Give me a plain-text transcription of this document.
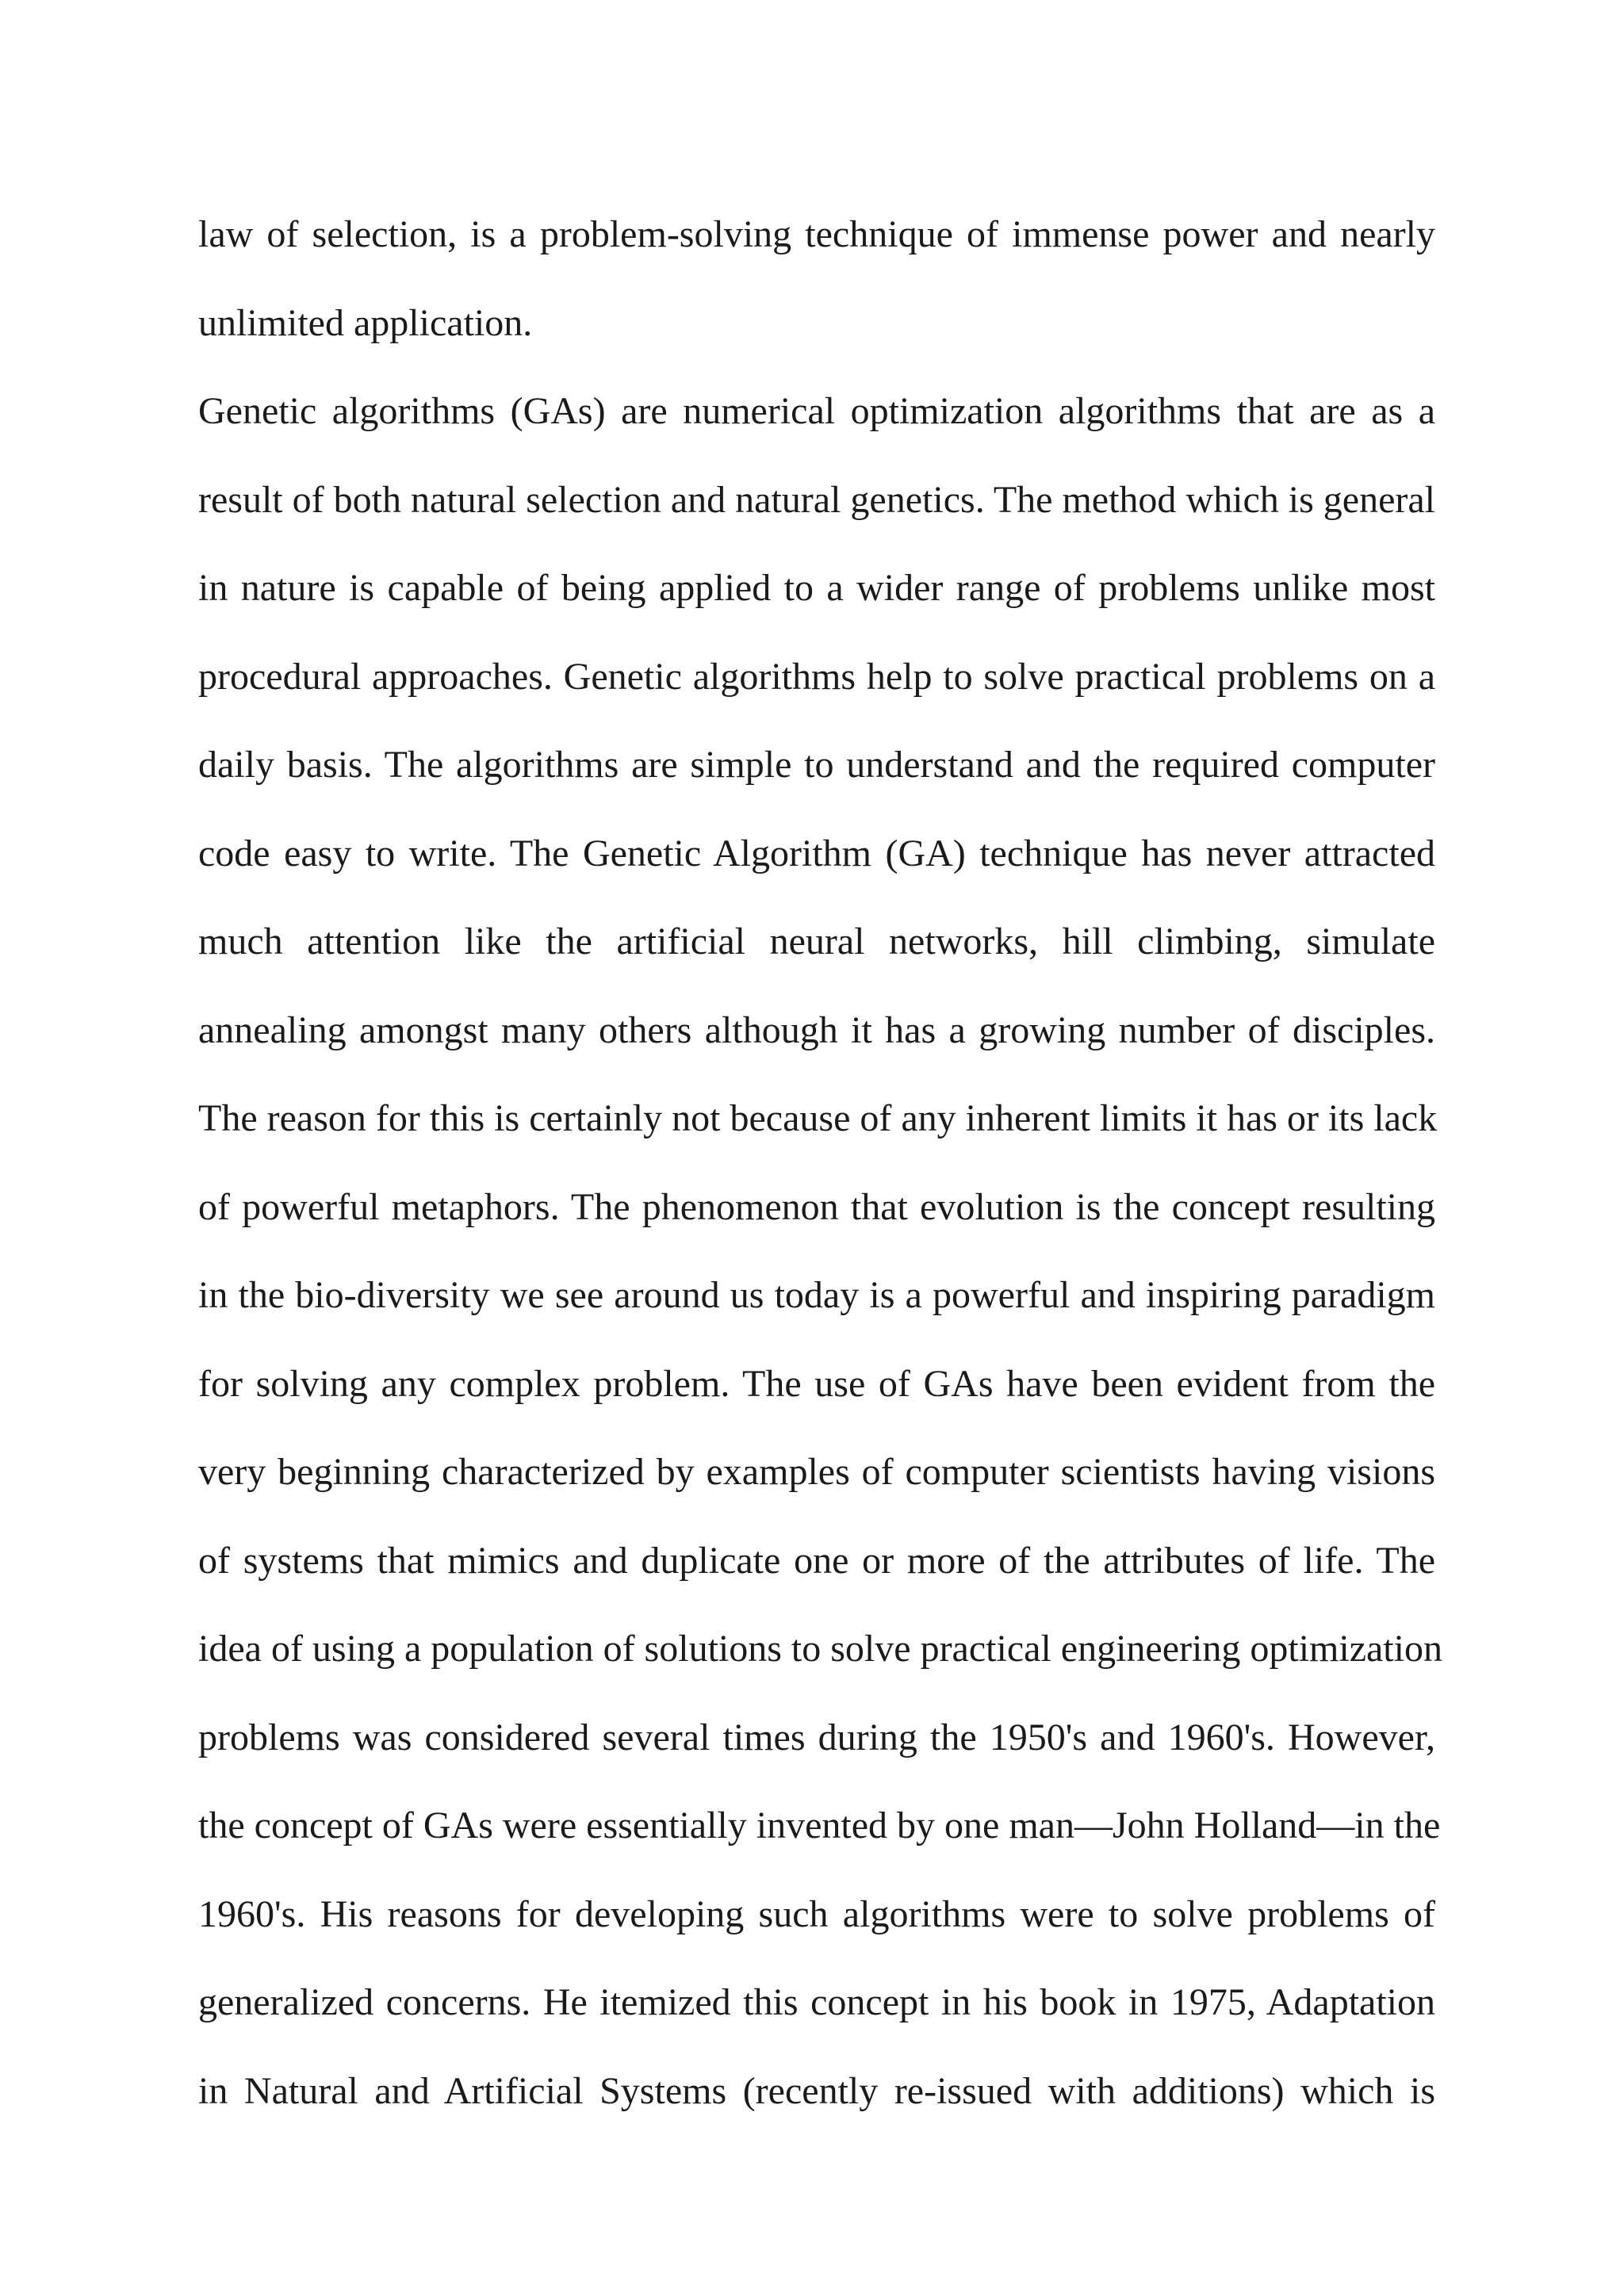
law of selection, is a problem-solving technique of immense power and nearly
unlimited application.
Genetic algorithms (GAs) are numerical optimization algorithms that are as a
result of both natural selection and natural genetics. The method which is general
in nature is capable of being applied to a wider range of problems unlike most
procedural approaches. Genetic algorithms help to solve practical problems on a
daily basis. The algorithms are simple to understand and the required computer
code easy to write. The Genetic Algorithm (GA) technique has never attracted
much attention like the artificial neural networks, hill climbing, simulate
annealing amongst many others although it has a growing number of disciples.
The reason for this is certainly not because of any inherent limits it has or its lack
of powerful metaphors. The phenomenon that evolution is the concept resulting
in the bio-diversity we see around us today is a powerful and inspiring paradigm
for solving any complex problem. The use of GAs have been evident from the
very beginning characterized by examples of computer scientists having visions
of systems that mimics and duplicate one or more of the attributes of life. The
idea of using a population of solutions to solve practical engineering optimization
problems was considered several times during the 1950's and 1960's. However,
the concept of GAs were essentially invented by one man—John Holland—in the
1960's. His reasons for developing such algorithms were to solve problems of
generalized concerns. He itemized this concept in his book in 1975, Adaptation
in Natural and Artificial Systems (recently re-issued with additions) which is
